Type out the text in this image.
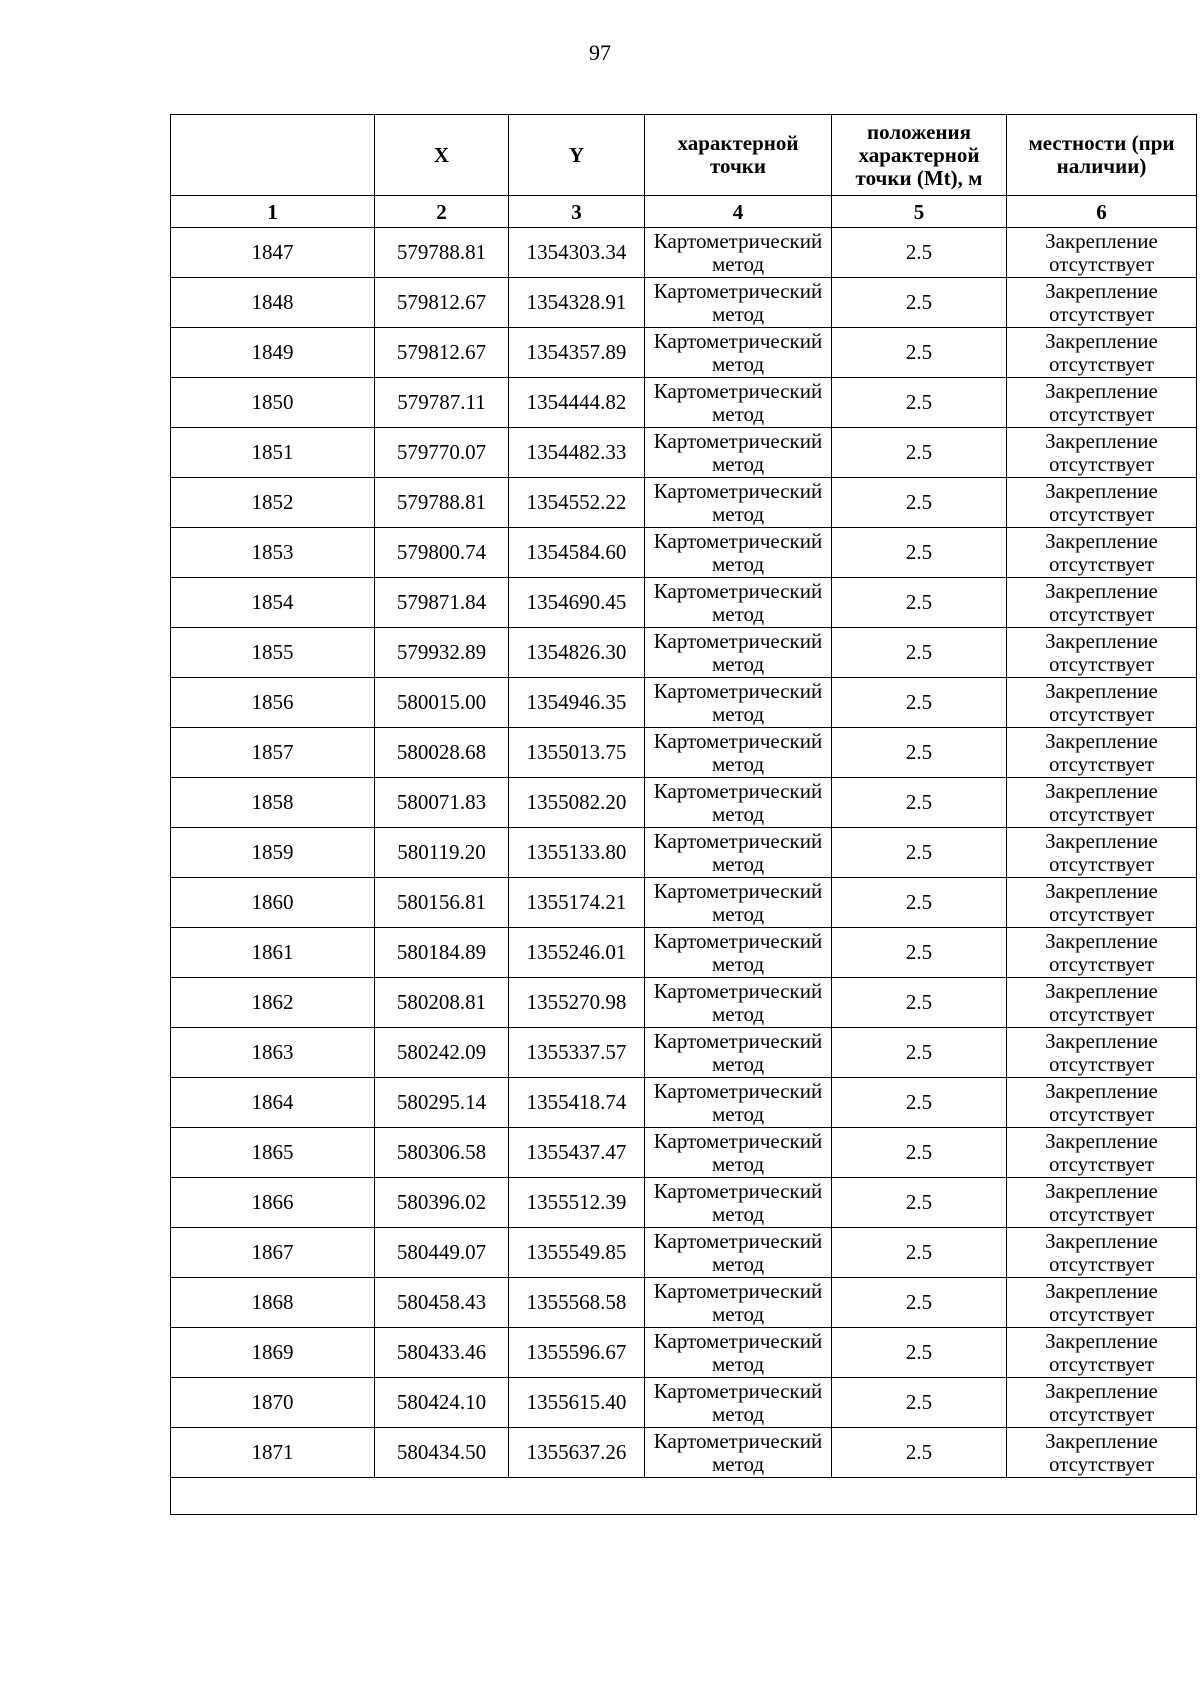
97
	X	Y	характерной точки	положения характерной точки (Mt), м	местности (при наличии)
1	2	3	4	5	6
1847	579788.81	1354303.34	Картометрический метод	2.5	Закрепление отсутствует
1848	579812.67	1354328.91	Картометрический метод	2.5	Закрепление отсутствует
1849	579812.67	1354357.89	Картометрический метод	2.5	Закрепление отсутствует
1850	579787.11	1354444.82	Картометрический метод	2.5	Закрепление отсутствует
1851	579770.07	1354482.33	Картометрический метод	2.5	Закрепление отсутствует
1852	579788.81	1354552.22	Картометрический метод	2.5	Закрепление отсутствует
1853	579800.74	1354584.60	Картометрический метод	2.5	Закрепление отсутствует
1854	579871.84	1354690.45	Картометрический метод	2.5	Закрепление отсутствует
1855	579932.89	1354826.30	Картометрический метод	2.5	Закрепление отсутствует
1856	580015.00	1354946.35	Картометрический метод	2.5	Закрепление отсутствует
1857	580028.68	1355013.75	Картометрический метод	2.5	Закрепление отсутствует
1858	580071.83	1355082.20	Картометрический метод	2.5	Закрепление отсутствует
1859	580119.20	1355133.80	Картометрический метод	2.5	Закрепление отсутствует
1860	580156.81	1355174.21	Картометрический метод	2.5	Закрепление отсутствует
1861	580184.89	1355246.01	Картометрический метод	2.5	Закрепление отсутствует
1862	580208.81	1355270.98	Картометрический метод	2.5	Закрепление отсутствует
1863	580242.09	1355337.57	Картометрический метод	2.5	Закрепление отсутствует
1864	580295.14	1355418.74	Картометрический метод	2.5	Закрепление отсутствует
1865	580306.58	1355437.47	Картометрический метод	2.5	Закрепление отсутствует
1866	580396.02	1355512.39	Картометрический метод	2.5	Закрепление отсутствует
1867	580449.07	1355549.85	Картометрический метод	2.5	Закрепление отсутствует
1868	580458.43	1355568.58	Картометрический метод	2.5	Закрепление отсутствует
1869	580433.46	1355596.67	Картометрический метод	2.5	Закрепление отсутствует
1870	580424.10	1355615.40	Картометрический метод	2.5	Закрепление отсутствует
1871	580434.50	1355637.26	Картометрический метод	2.5	Закрепление отсутствует
